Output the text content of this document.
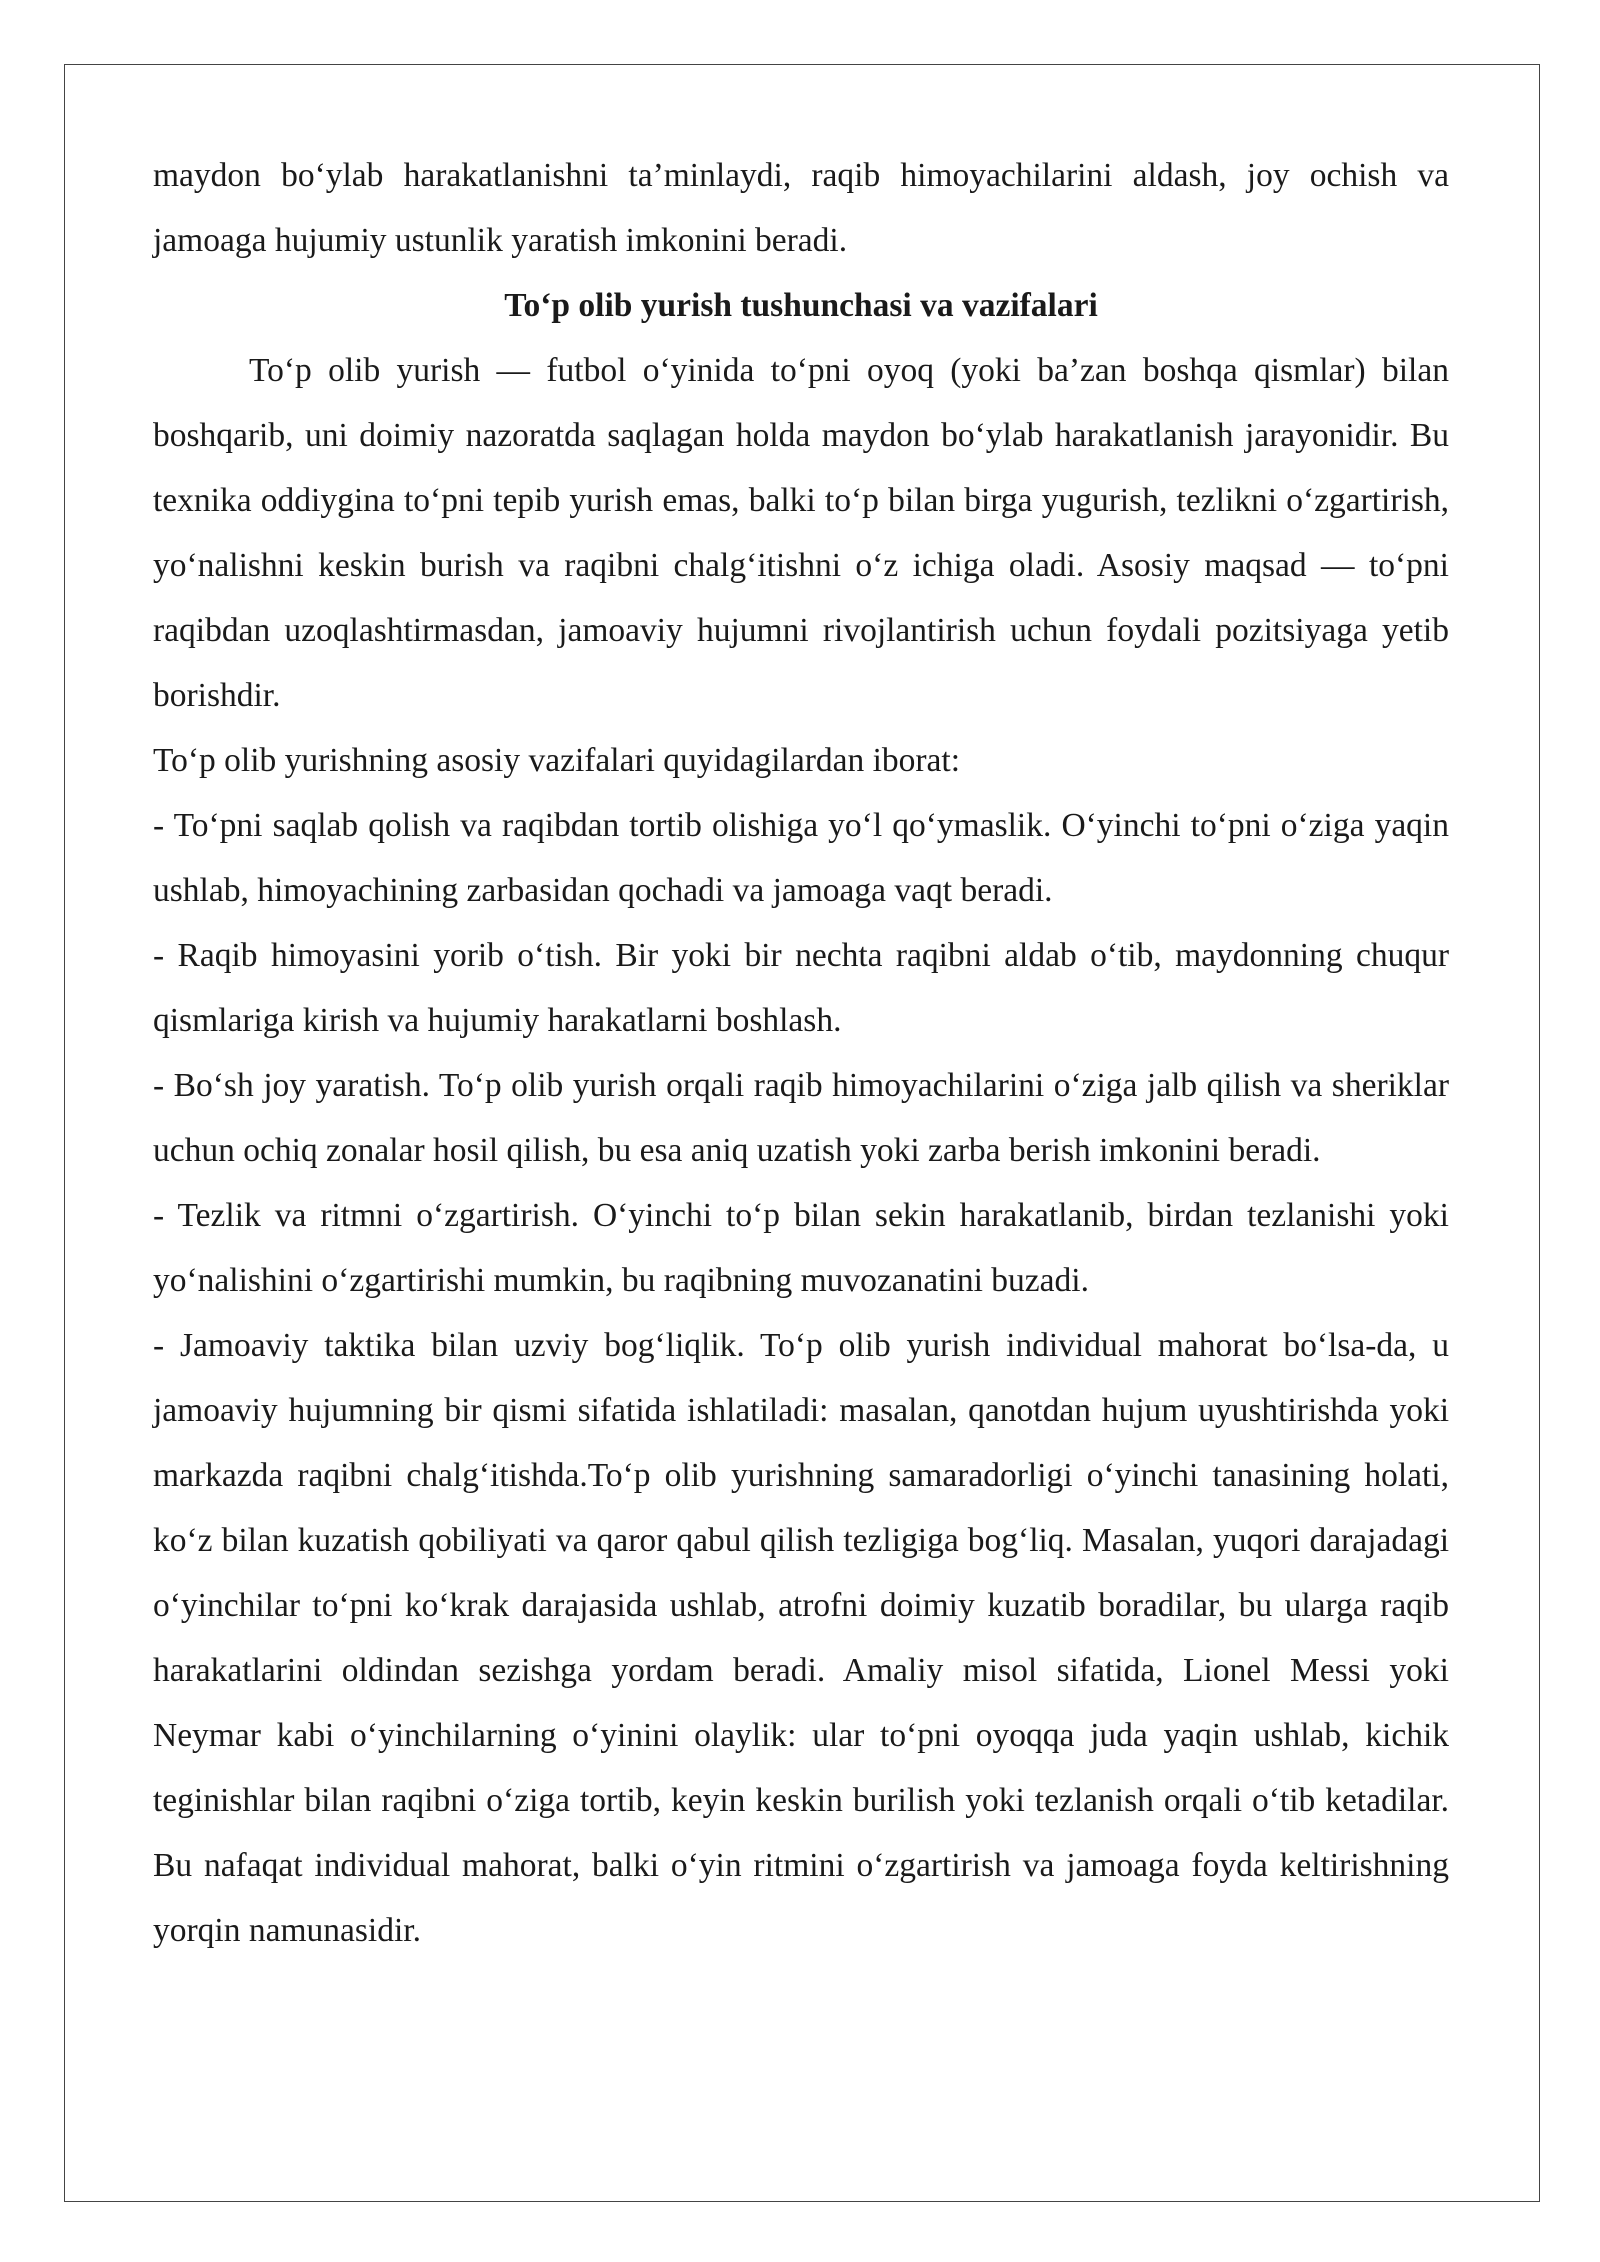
maydon bo‘ylab harakatlanishni ta’minlaydi, raqib himoyachilarini aldash, joy ochish va jamoaga hujumiy ustunlik yaratish imkonini beradi.

To‘p olib yurish tushunchasi va vazifalari

To‘p olib yurish — futbol o‘yinida to‘pni oyoq (yoki ba’zan boshqa qismlar) bilan boshqarib, uni doimiy nazoratda saqlagan holda maydon bo‘ylab harakatlanish jarayonidir. Bu texnika oddiygina to‘pni tepib yurish emas, balki to‘p bilan birga yugurish, tezlikni o‘zgartirish, yo‘nalishni keskin burish va raqibni chalg‘itishni o‘z ichiga oladi. Asosiy maqsad — to‘pni raqibdan uzoqlashtirmasdan, jamoaviy hujumni rivojlantirish uchun foydali pozitsiyaga yetib borishdir.

To‘p olib yurishning asosiy vazifalari quyidagilardan iborat:

- To‘pni saqlab qolish va raqibdan tortib olishiga yo‘l qo‘ymaslik. O‘yinchi to‘pni o‘ziga yaqin ushlab, himoyachining zarbasidan qochadi va jamoaga vaqt beradi.

- Raqib himoyasini yorib o‘tish. Bir yoki bir nechta raqibni aldab o‘tib, maydonning chuqur qismlariga kirish va hujumiy harakatlarni boshlash.

- Bo‘sh joy yaratish. To‘p olib yurish orqali raqib himoyachilarini o‘ziga jalb qilish va sheriklar uchun ochiq zonalar hosil qilish, bu esa aniq uzatish yoki zarba berish imkonini beradi.

- Tezlik va ritmni o‘zgartirish. O‘yinchi to‘p bilan sekin harakatlanib, birdan tezlanishi yoki yo‘nalishini o‘zgartirishi mumkin, bu raqibning muvozanatini buzadi.

- Jamoaviy taktika bilan uzviy bog‘liqlik. To‘p olib yurish individual mahorat bo‘lsa-da, u jamoaviy hujumning bir qismi sifatida ishlatiladi: masalan, qanotdan hujum uyushtirishda yoki markazda raqibni chalg‘itishda.To‘p olib yurishning samaradorligi o‘yinchi tanasining holati, ko‘z bilan kuzatish qobiliyati va qaror qabul qilish tezligiga bog‘liq. Masalan, yuqori darajadagi o‘yinchilar to‘pni ko‘krak darajasida ushlab, atrofni doimiy kuzatib boradilar, bu ularga raqib harakatlarini oldindan sezishga yordam beradi. Amaliy misol sifatida, Lionel Messi yoki Neymar kabi o‘yinchilarning o‘yinini olaylik: ular to‘pni oyoqqa juda yaqin ushlab, kichik teginishlar bilan raqibni o‘ziga tortib, keyin keskin burilish yoki tezlanish orqali o‘tib ketadilar. Bu nafaqat individual mahorat, balki o‘yin ritmini o‘zgartirish va jamoaga foyda keltirishning yorqin namunasidir.
